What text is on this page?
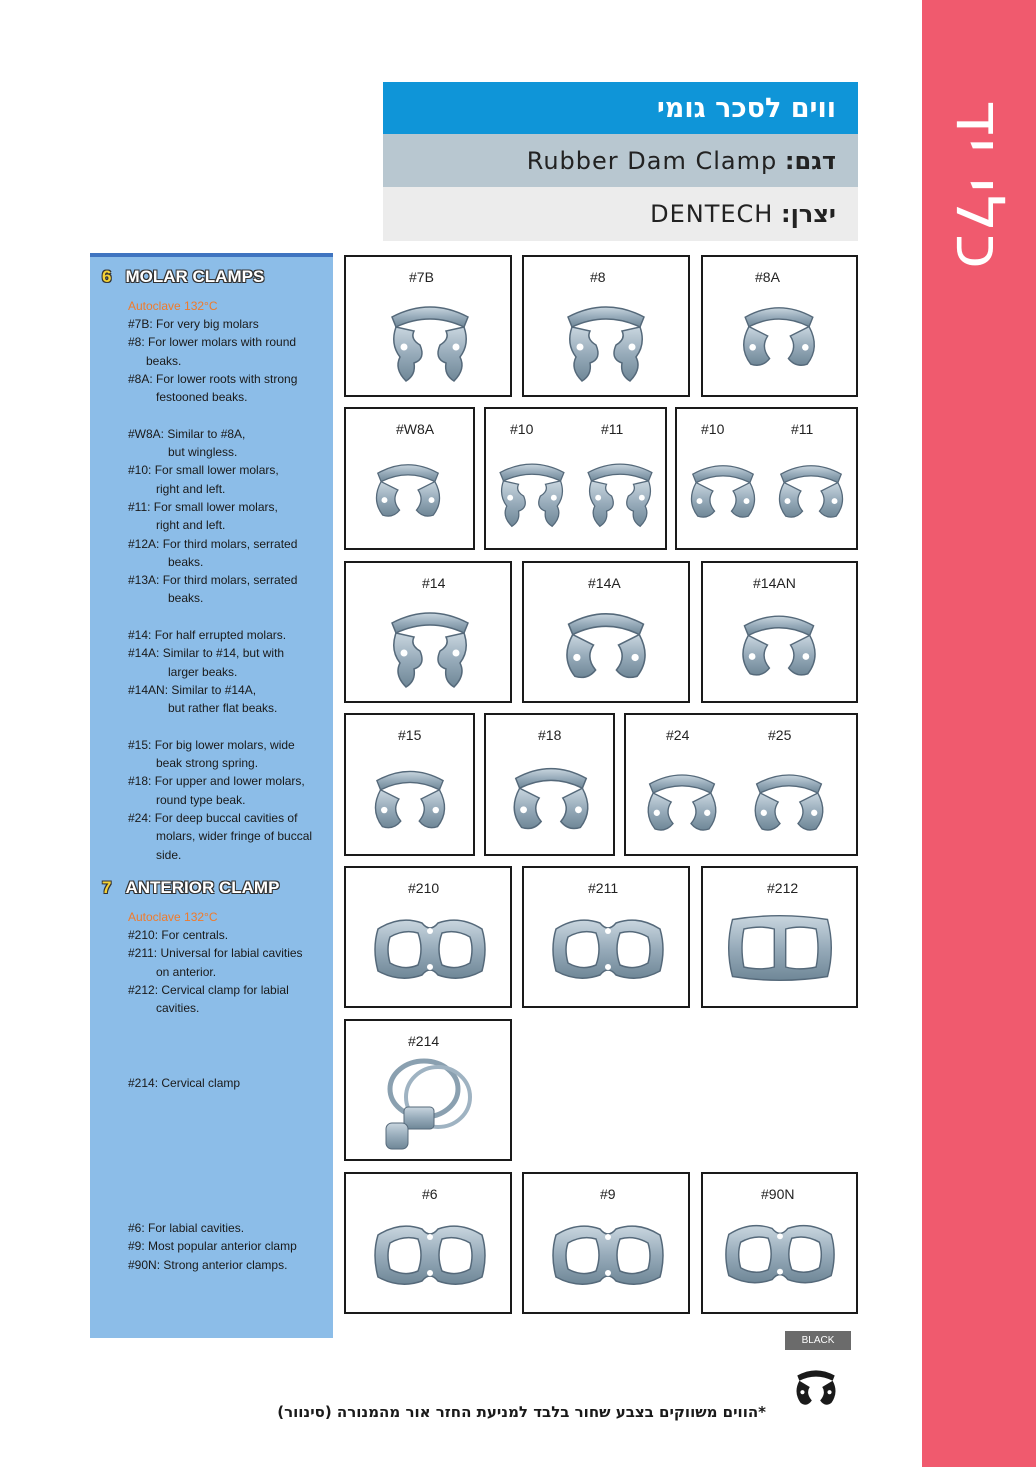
כלי יד
ווים לסכר גומי
דגם:

Rubber Dam Clamp
יצרן:

DENTECH
6 MOLAR CLAMPS
Autoclave 132°C
#7B: For very big molars
#8: For lower molars with round
beaks.
#8A: For lower roots with strong
festooned beaks.

#W8A: Similar to #8A,
but wingless.
#10: For small lower molars,
right and left.
#11: For small lower molars,
right and left.
#12A: For third molars, serrated
beaks.
#13A: For third molars, serrated
beaks.

#14: For half errupted molars.
#14A: Similar to #14, but with
larger beaks.
#14AN: Similar to #14A,
but rather flat beaks.

#15: For big lower molars, wide
beak strong spring.
#18: For upper and lower molars,
round type beak.
#24: For deep buccal cavities of
molars, wider fringe of buccal
side.
7 ANTERIOR CLAMP
Autoclave 132°C
#210: For centrals.
#211: Universal for labial cavities
on anterior.
#212: Cervical clamp for labial
cavities.
#214: Cervical clamp
#6: For labial cavities.
#9: Most popular anterior clamp
#90N: Strong anterior clamps.
#7B	#8	#8A
#W8A	#10	#11	#10	#11
#14	#14A	#14AN
#15	#18	#24	#25
#210	#211	#212
#214
#6	#9	#90N
BLACK
*הווים משווקים בצבע שחור בלבד למניעת החזר אור מהמנורה (סינוור)
